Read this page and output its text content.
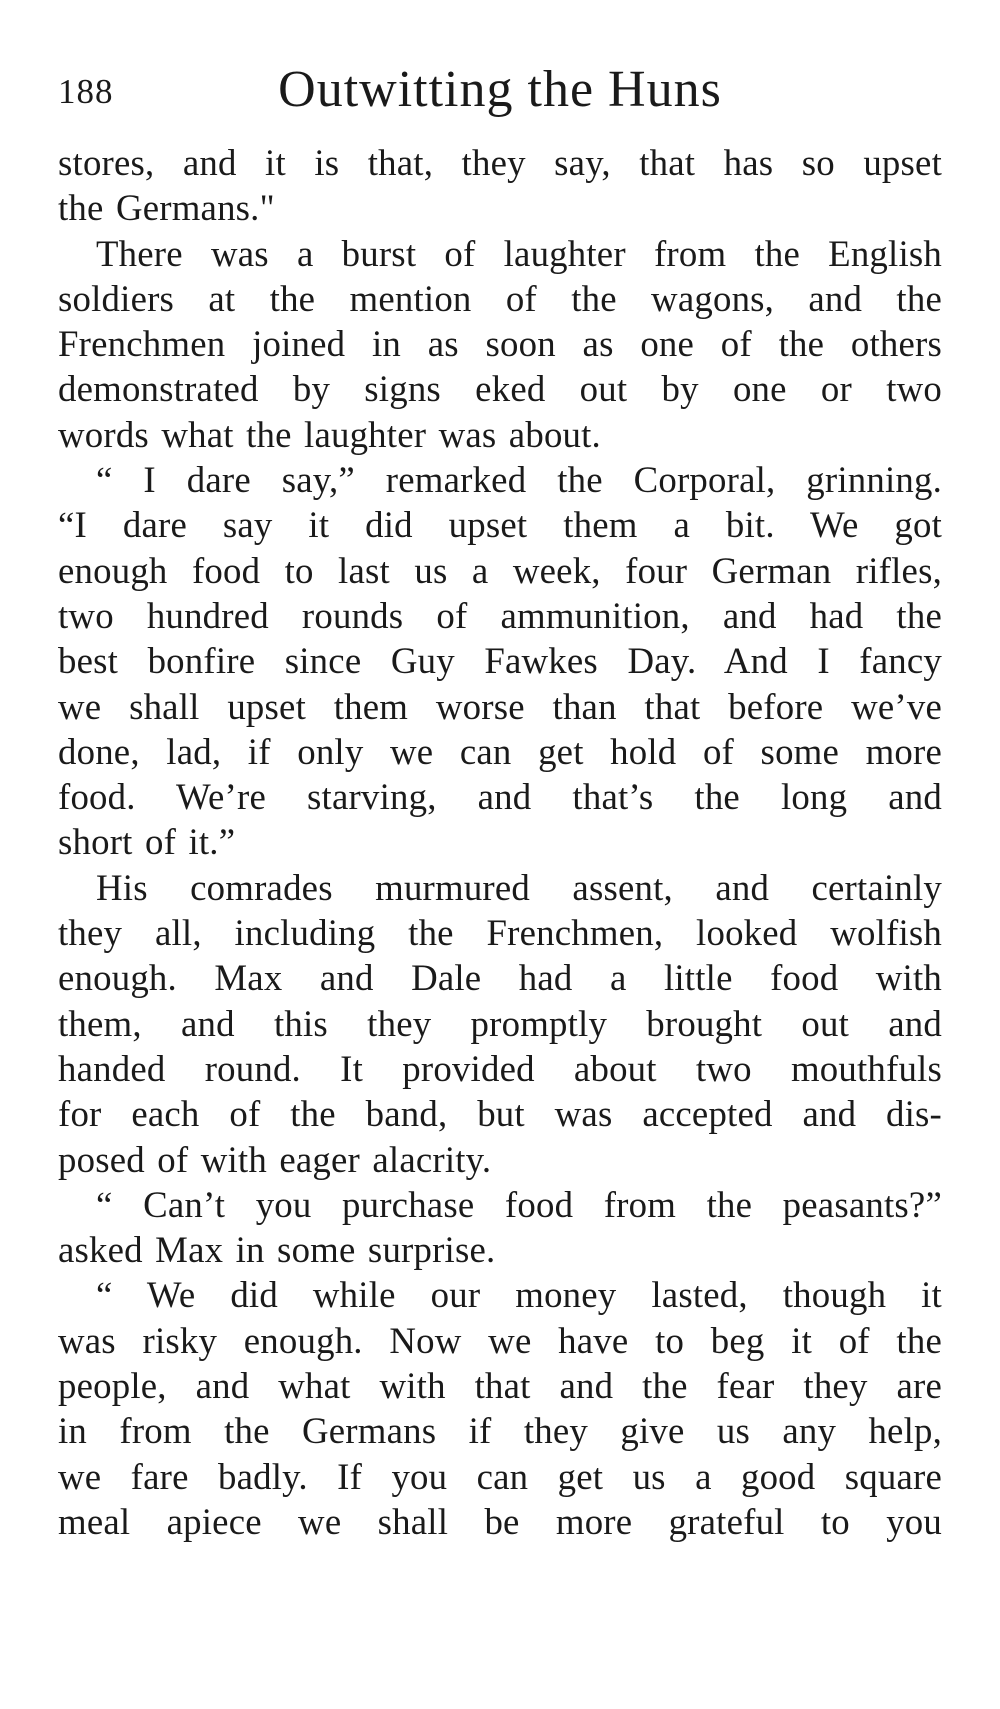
188	Outwitting the Huns

stores, and it is that, they say, that has so upset
the Germans."

There was a burst of laughter from the English
soldiers at the mention of the wagons, and the
Frenchmen joined in as soon as one of the others
demonstrated by signs eked out by one or two
words what the laughter was about.

“ I dare say,” remarked the Corporal, grinning.
“I dare say it did upset them a bit. We got
enough food to last us a week, four German rifles,
two hundred rounds of ammunition, and had the
best bonfire since Guy Fawkes Day. And I fancy
we shall upset them worse than that before we’ve
done, lad, if only we can get hold of some more
food. We’re starving, and that’s the long and
short of it.”

His comrades murmured assent, and certainly
they all, including the Frenchmen, looked wolfish
enough. Max and Dale had a little food with
them, and this they promptly brought out and
handed round. It provided about two mouthfuls
for each of the band, but was accepted and dis-
posed of with eager alacrity.

“ Can’t you purchase food from the peasants?”
asked Max in some surprise.

“ We did while our money lasted, though it
was risky enough. Now we have to beg it of the
people, and what with that and the fear they are
in from the Germans if they give us any help,
we fare badly. If you can get us a good square
meal apiece we shall be more grateful to you
